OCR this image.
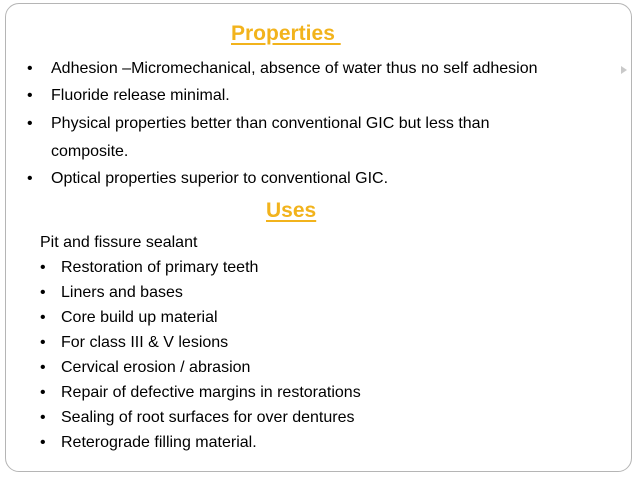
Properties
• Adhesion –Micromechanical, absence of water thus no self adhesion
• Fluoride release minimal.
• Physical properties better than conventional GIC but less than
composite.
• Optical properties superior to conventional GIC.
Uses
Pit and fissure sealant
• Restoration of primary teeth
• Liners and bases
• Core build up material
• For class III & V lesions
• Cervical erosion / abrasion
• Repair of defective margins in restorations
• Sealing of root surfaces for over dentures
• Reterograde filling material.
